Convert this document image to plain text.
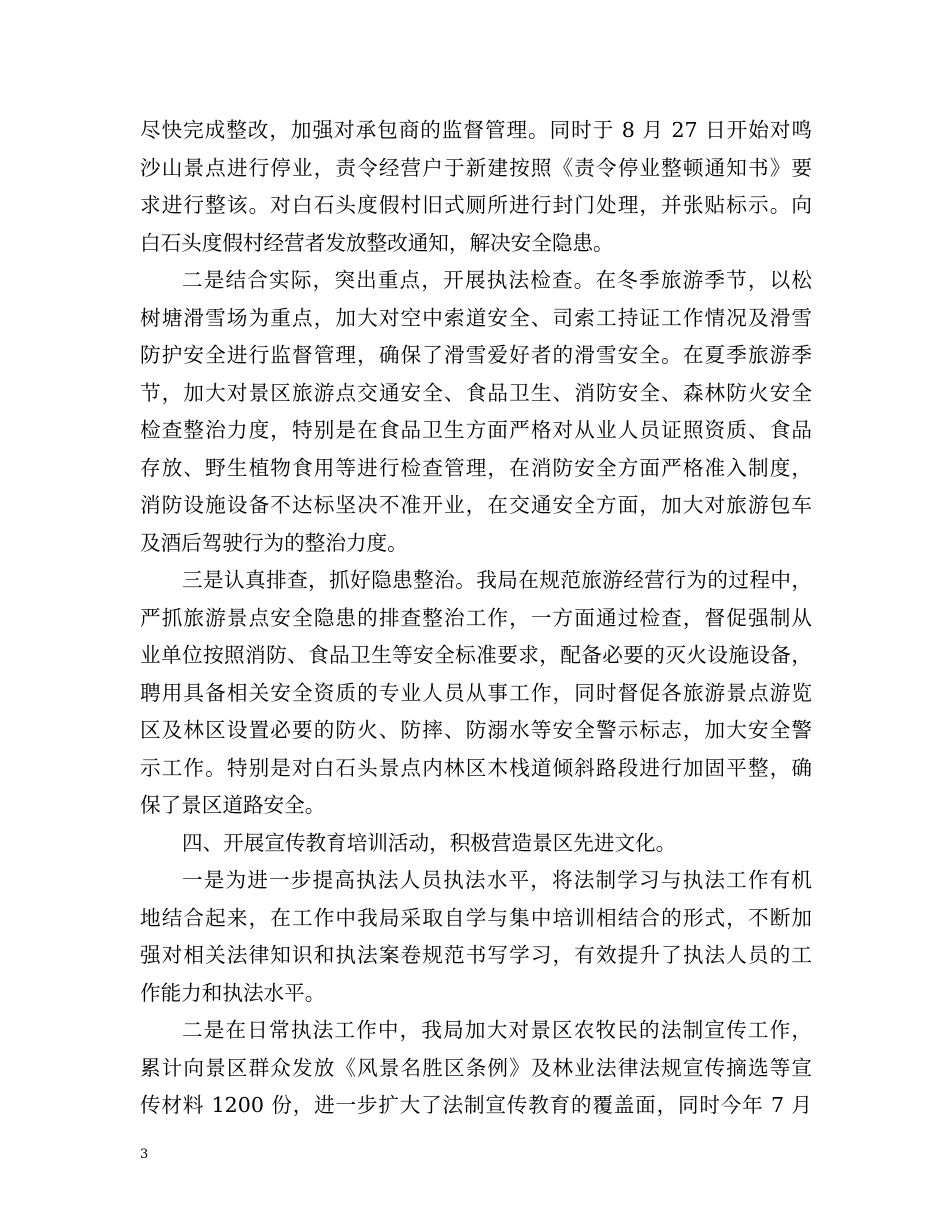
尽快完成整改，加强对承包商的监督管理。同时于 8 月 27 日开始对鸣
沙山景点进行停业，责令经营户于新建按照《责令停业整顿通知书》要
求进行整该。对白石头度假村旧式厕所进行封门处理，并张贴标示。向
白石头度假村经营者发放整改通知，解决安全隐患。
二是结合实际，突出重点，开展执法检查。在冬季旅游季节，以松
树塘滑雪场为重点，加大对空中索道安全、司索工持证工作情况及滑雪
防护安全进行监督管理，确保了滑雪爱好者的滑雪安全。在夏季旅游季
节，加大对景区旅游点交通安全、食品卫生、消防安全、森林防火安全
检查整治力度，特别是在食品卫生方面严格对从业人员证照资质、食品
存放、野生植物食用等进行检查管理，在消防安全方面严格准入制度，
消防设施设备不达标坚决不准开业，在交通安全方面，加大对旅游包车
及酒后驾驶行为的整治力度。
三是认真排查，抓好隐患整治。我局在规范旅游经营行为的过程中，
严抓旅游景点安全隐患的排查整治工作，一方面通过检查，督促强制从
业单位按照消防、食品卫生等安全标准要求，配备必要的灭火设施设备，
聘用具备相关安全资质的专业人员从事工作，同时督促各旅游景点游览
区及林区设置必要的防火、防摔、防溺水等安全警示标志，加大安全警
示工作。特别是对白石头景点内林区木栈道倾斜路段进行加固平整，确
保了景区道路安全。
四、开展宣传教育培训活动，积极营造景区先进文化。
一是为进一步提高执法人员执法水平，将法制学习与执法工作有机
地结合起来，在工作中我局采取自学与集中培训相结合的形式，不断加
强对相关法律知识和执法案卷规范书写学习，有效提升了执法人员的工
作能力和执法水平。
二是在日常执法工作中，我局加大对景区农牧民的法制宣传工作，
累计向景区群众发放《风景名胜区条例》及林业法律法规宣传摘选等宣
传材料 1200 份，进一步扩大了法制宣传教育的覆盖面，同时今年 7 月
3
